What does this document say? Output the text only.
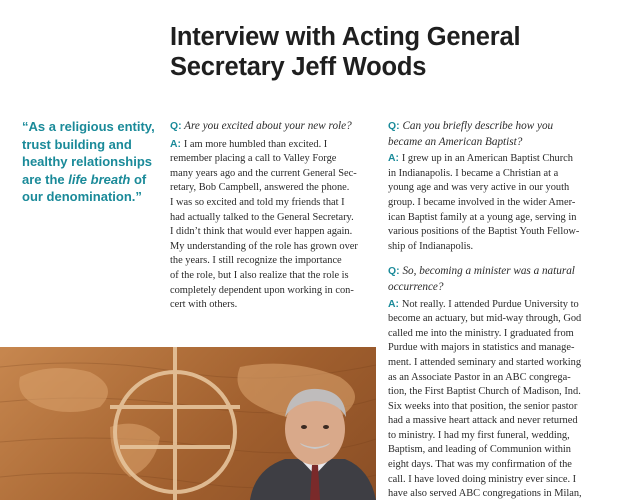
Interview with Acting General
Secretary Jeff Woods
“As a religious entity,
trust building and
healthy relationships
are the life breath of
our denomination.”
Q: Are you excited about your new role?
A: I am more humbled than excited. I
remember placing a call to Valley Forge
many years ago and the current General Sec-
retary, Bob Campbell, answered the phone.
I was so excited and told my friends that I
had actually talked to the General Secretary.
I didn’t think that would ever happen again.
My understanding of the role has grown over
the years. I still recognize the importance
of the role, but I also realize that the role is
completely dependent upon working in con-
cert with others.
Q: Can you briefly describe how you
became an American Baptist?
A: I grew up in an American Baptist Church
in Indianapolis. I became a Christian at a
young age and was very active in our youth
group. I became involved in the wider Amer-
ican Baptist family at a young age, serving in
various positions of the Baptist Youth Fellow-
ship of Indianapolis.
Q: So, becoming a minister was a natural
occurrence?
A: Not really. I attended Purdue University to
become an actuary, but mid-way through, God
called me into the ministry. I graduated from
Purdue with majors in statistics and manage-
ment. I attended seminary and started working
as an Associate Pastor in an ABC congrega-
tion, the First Baptist Church of Madison, Ind.
Six weeks into that position, the senior pastor
had a massive heart attack and never returned
to ministry. I had my first funeral, wedding,
Baptism, and leading of Communion within
eight days. That was my confirmation of the
call. I have loved doing ministry ever since. I
have also served ABC congregations in Milan,
